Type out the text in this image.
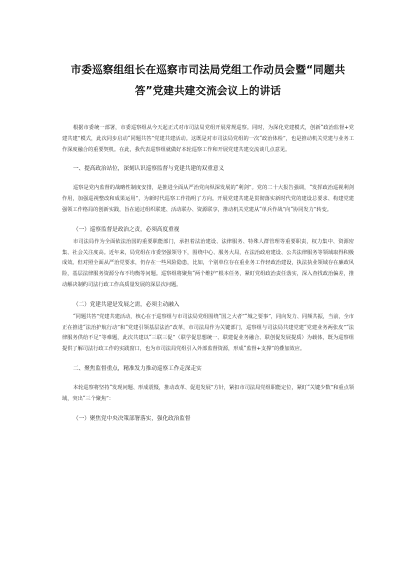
市委巡察组组长在巡察市司法局党组工作动员会暨“同题共答”党建共建交流会议上的讲话
根据市委统一部署，市委巡察组从今天起正式对市司法局党组开展常规巡察。同时，为深化党建模式，创新“政治监督+党建共建”模式，此次同步启动“同题共答”党建共建活动。这既是对市司法局党组的一次“政治体检”，也是推动机关党建与业务工作深度融合的重要契机。在此，我代表巡察组就做好本轮巡察工作和开展党建共建交流谈几点意见。
一、提高政治站位，深刻认识巡察监督与党建共建的双重意义
巡察是党内监督的战略性制度安排，是推进全面从严治党向纵深发展的“利剑”。党的二十大报告强调，“发挥政治巡视利剑作用，加强巡视整改和成果运用”，为新时代巡察工作指明了方向。开展党建共建是贯彻落实新时代党的建设总要求、构建党建强领工作格局的创新实践，旨在通过组织联建、活动联办、资源联享，推动机关党建从“单兵作战”向“协同发力”转变。
（一）巡察监督是政治之责，必须高度重视
市司法局作为全面依法治国的重要职能部门，承担着法治建设、法律服务、特殊人群管理等重要职责，权力集中、资源密集、社会关注度高。近年来，局党组在市委坚强领导下，围绕中心、服务大局，在法治政府建设、公共法律服务等领域取得积极成效。但对照全面从严治党要求，仍存在一些风险隐患，比如，个别单位存在重业务工作轻政治建设，执法执业领域存在廉政风险，基层法律服务资源分布不均衡等问题。巡察组将聚焦“两个维护”根本任务，紧盯党组政治责任落实，深入查找政治偏差，推动解决制约司法行政工作高质量发展的深层次问题。
（二）党建共建是发展之需，必须主动融入
“同题共答”党建共建活动，核心在于巡察组与市司法局党组围绕“国之大者”“城之要事”，同向发力、同频共振，当前，全市正在推进“法治护航行动”和“党建引领基层法治”改革，市司法局作为关键部门，巡察组与司法局共建党建“党建业务两张皮”“法律服务供给不足”等难题，此次共建以“三联三促”（联学促思想统一、联建促业务融合、联创促发展提质）为载体，既为巡察组提供了解司法行政工作的实践窗口，也为市司法局党组引入外部监督资源，形成“监督+支撑”的叠加效应。
二、聚焦监督重点，精准发力推动巡察工作走深走实
本轮巡察将坚持“发现问题、形成震慑，推动改革、促进发展”方针，紧扣市司法局党组职能定位，紧盯“关键少数”和重点领域，突出“三个聚焦”：
（一）聚焦党中央决策部署落实，强化政治监督
